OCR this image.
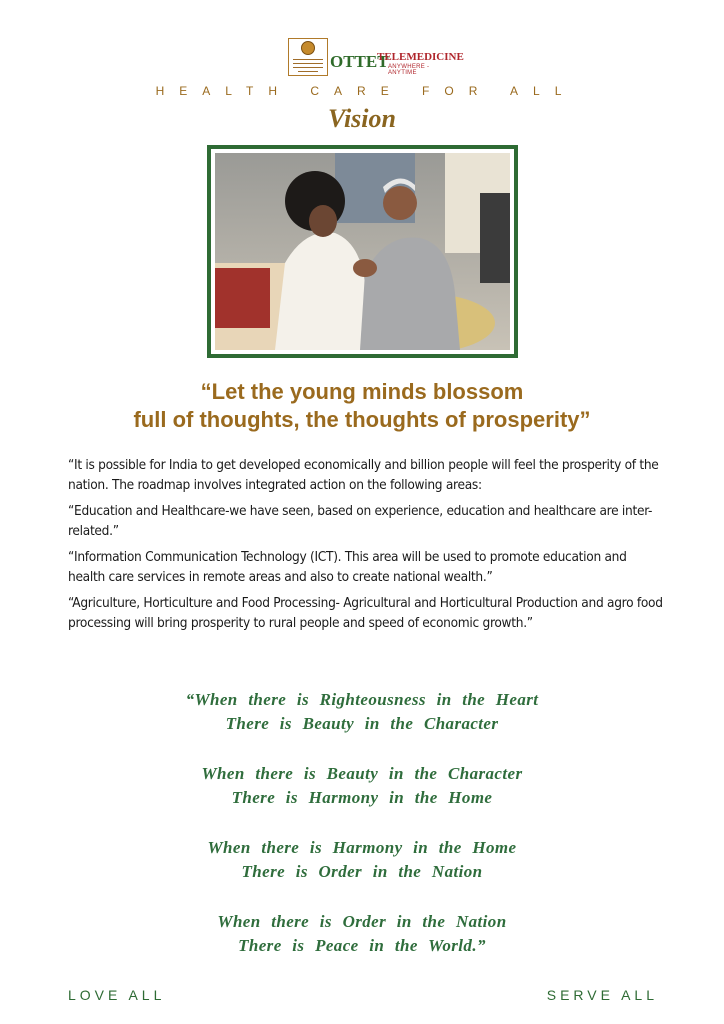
OTTET
TELEMEDICINE
ANYWHERE - ANYTIME
HEALTH CARE FOR ALL
Vision
“Let the young minds blossom
full of thoughts, the thoughts of prosperity”

“It is possible for India to get developed economically and billion people will feel the prosperity of the nation. The roadmap involves integrated action on the following areas:

“Education and Healthcare-we have seen, based on experience, education and healthcare are inter-related.”

“Information Communication Technology (ICT). This area will be used to promote education and health care services in remote areas and also to create national wealth.”

“Agriculture, Horticulture and Food Processing- Agricultural and Horticultural Production and agro food processing will bring prosperity to rural people and speed of economic growth.”

“When there is Righteousness in the Heart
There is Beauty in the Character
When there is Beauty in the Character
There is Harmony in the Home
When there is Harmony in the Home
There is Order in the Nation
When there is Order in the Nation
There is Peace in the World.”
LOVE ALL	SERVE ALL
